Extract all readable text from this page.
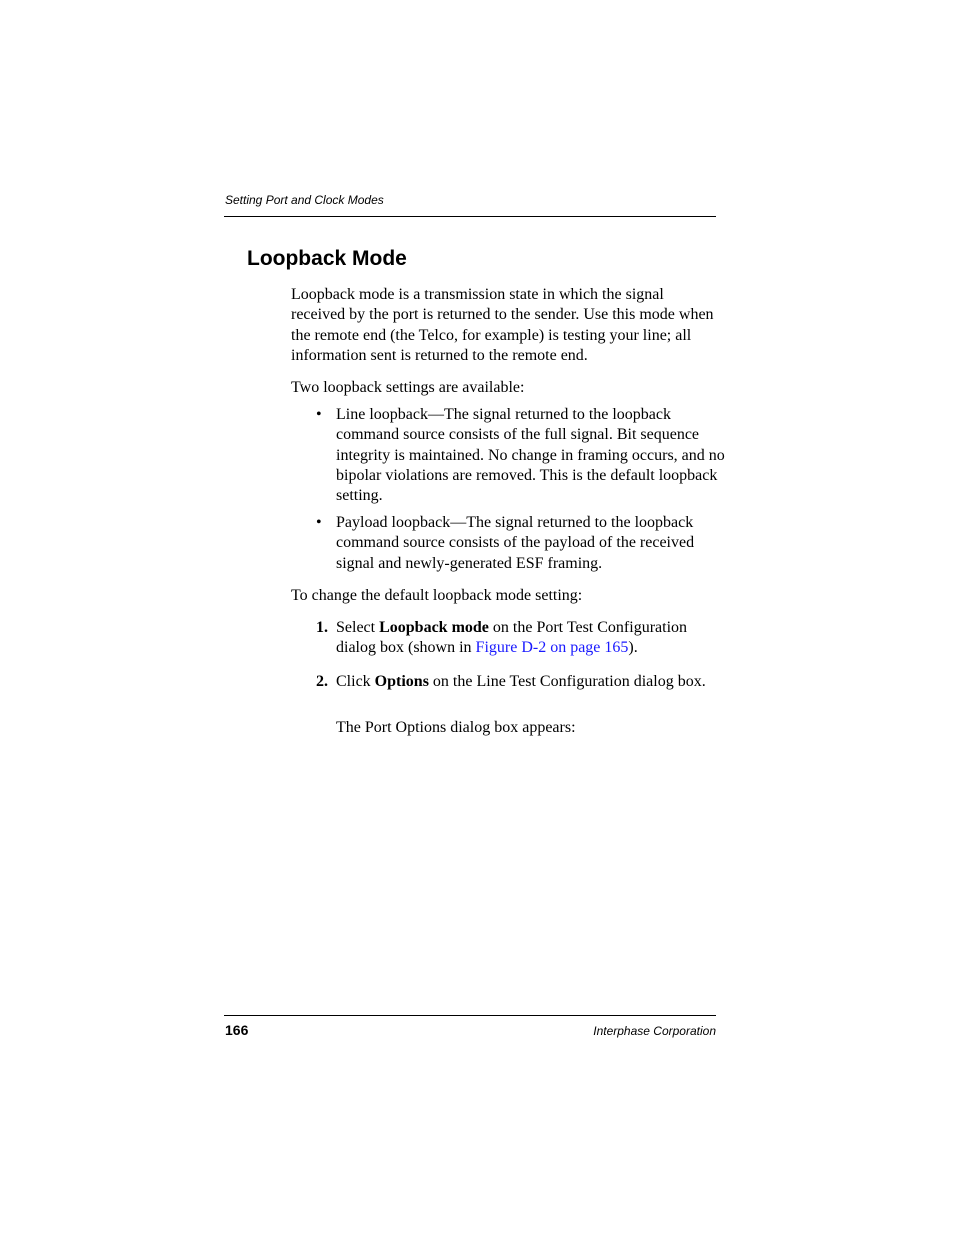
Setting Port and Clock Modes
Loopback Mode

Loopback mode is a transmission state in which the signal received by the port is returned to the sender. Use this mode when the remote end (the Telco, for example) is testing your line; all information sent is returned to the remote end.

Two loopback settings are available:

• Line loopback—The signal returned to the loopback command source consists of the full signal. Bit sequence integrity is maintained. No change in framing occurs, and no bipolar violations are removed. This is the default loopback setting.
• Payload loopback—The signal returned to the loopback command source consists of the payload of the received signal and newly-generated ESF framing.

To change the default loopback mode setting:

1. Select Loopback mode on the Port Test Configuration dialog box (shown in Figure D-2 on page 165).
2. Click Options on the Line Test Configuration dialog box.

The Port Options dialog box appears:

166	Interphase Corporation
